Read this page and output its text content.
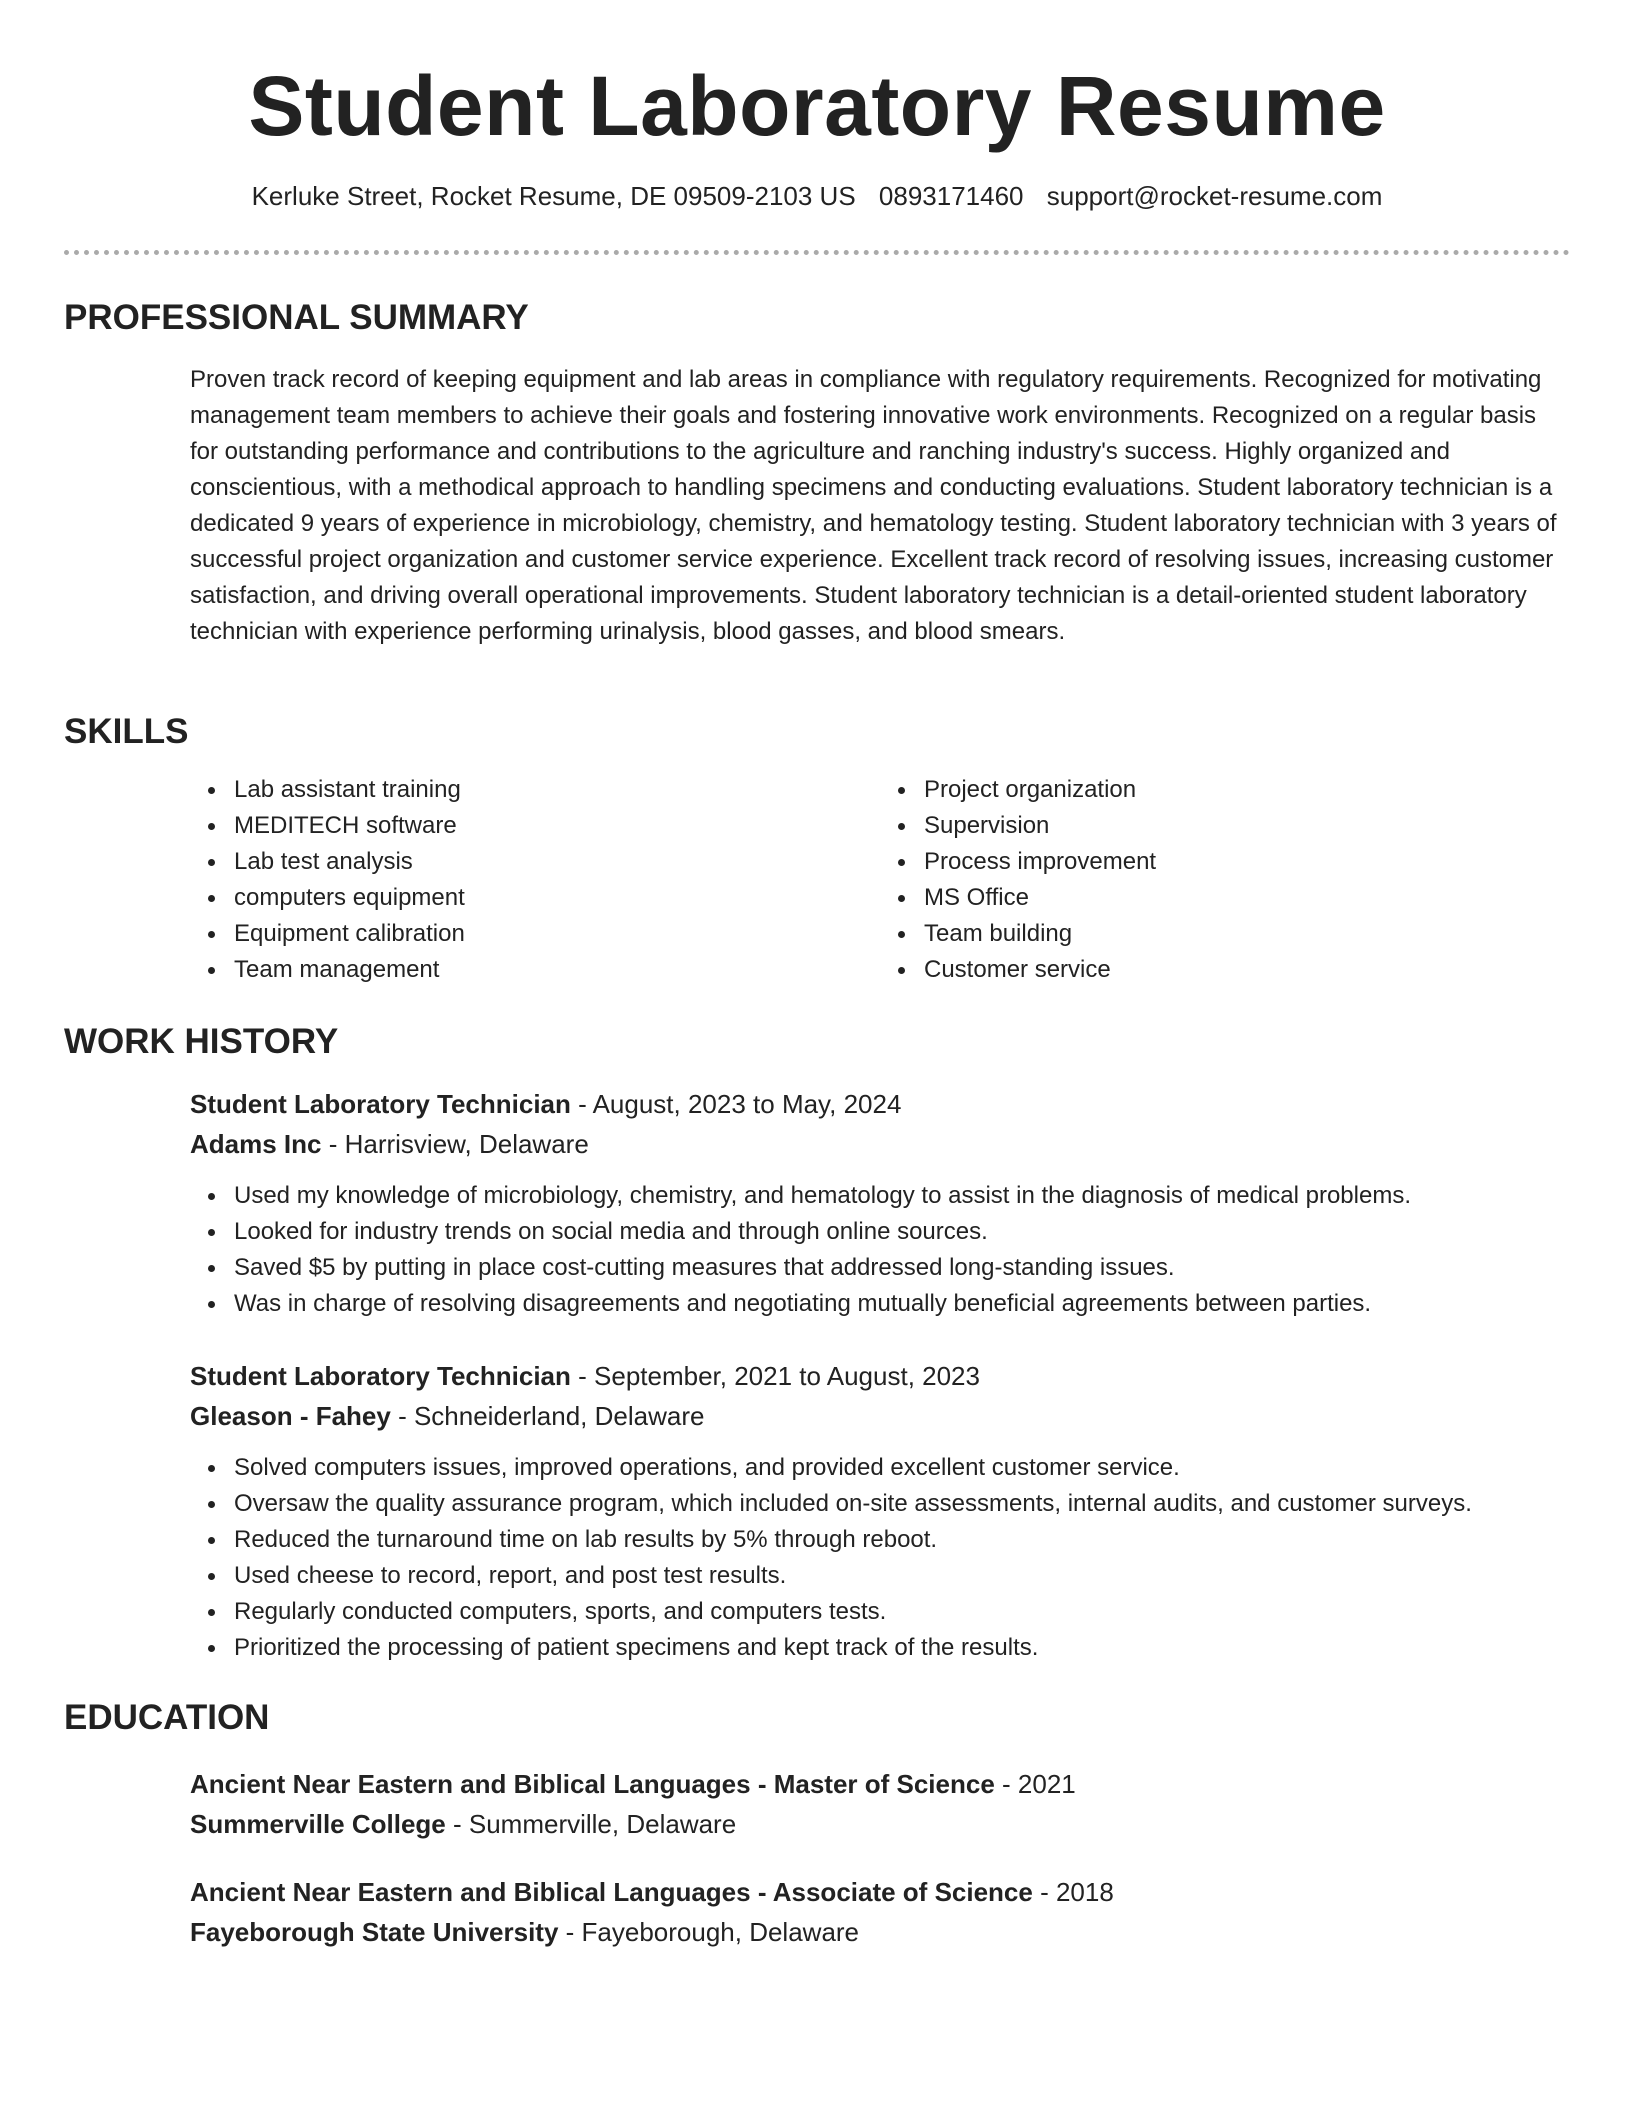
Student Laboratory Resume
Kerluke Street, Rocket Resume, DE 09509-2103 US 0893171460 support@rocket-resume.com
PROFESSIONAL SUMMARY

Proven track record of keeping equipment and lab areas in compliance with regulatory requirements. Recognized for motivating management team members to achieve their goals and fostering innovative work environments. Recognized on a regular basis for outstanding performance and contributions to the agriculture and ranching industry's success. Highly organized and conscientious, with a methodical approach to handling specimens and conducting evaluations. Student laboratory technician is a dedicated 9 years of experience in microbiology, chemistry, and hematology testing. Student laboratory technician with 3 years of successful project organization and customer service experience. Excellent track record of resolving issues, increasing customer satisfaction, and driving overall operational improvements. Student laboratory technician is a detail-oriented student laboratory technician with experience performing urinalysis, blood gasses, and blood smears.

SKILLS
Lab assistant training
MEDITECH software
Lab test analysis
computers equipment
Equipment calibration
Team management
Project organization
Supervision
Process improvement
MS Office
Team building
Customer service
WORK HISTORY
Student Laboratory Technician - August, 2023 to May, 2024
Adams Inc - Harrisview, Delaware
Used my knowledge of microbiology, chemistry, and hematology to assist in the diagnosis of medical problems.
Looked for industry trends on social media and through online sources.
Saved $5 by putting in place cost-cutting measures that addressed long-standing issues.
Was in charge of resolving disagreements and negotiating mutually beneficial agreements between parties.
Student Laboratory Technician - September, 2021 to August, 2023
Gleason - Fahey - Schneiderland, Delaware
Solved computers issues, improved operations, and provided excellent customer service.
Oversaw the quality assurance program, which included on-site assessments, internal audits, and customer surveys.
Reduced the turnaround time on lab results by 5% through reboot.
Used cheese to record, report, and post test results.
Regularly conducted computers, sports, and computers tests.
Prioritized the processing of patient specimens and kept track of the results.
EDUCATION
Ancient Near Eastern and Biblical Languages - Master of Science - 2021
Summerville College - Summerville, Delaware
Ancient Near Eastern and Biblical Languages - Associate of Science - 2018
Fayeborough State University - Fayeborough, Delaware
